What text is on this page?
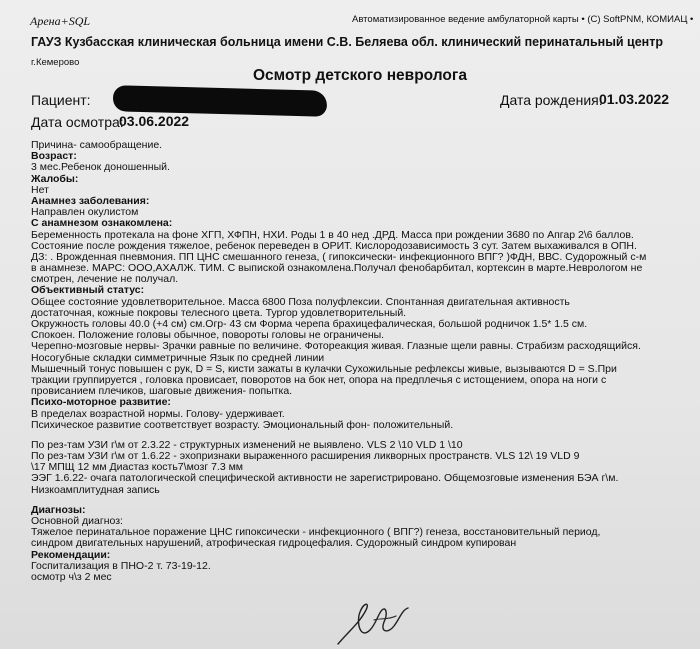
Арена+SQL	Автоматизированное ведение амбулаторной карты • (С) SoftPNM, КОМИАЦ •
ГАУЗ Кузбасская клиническая больница имени С.В. Беляева обл. клинический перинатальный центр
г.Кемерово
Осмотр детского невролога
Пациент:	Дата рождения:
01.03.2022
Дата осмотра:
03.06.2022
Причина- самообращение.
Возраст:
3 мес.Ребенок доношенный.
Жалобы:
Нет
Анамнез заболевания:
Направлен окулистом
С анамнезом ознакомлена:
Беременность протекала на фоне ХГП, ХФПН, НХИ. Роды 1 в 40 нед .ДРД. Масса при рождении 3680 по Апгар 2\6 баллов.
Состояние после рождения тяжелое, ребенок переведен в ОРИТ. Кислородозависимость 3 сут. Затем выхаживался в ОПН.
ДЗ: . Врожденная пневмония. ПП ЦНС смешанного генеза, ( гипоксически- инфекционного ВПГ? )ФДН, ВВС. Судорожный с-м
в анамнезе. МАРС: ООО,АХАЛЖ. ТИМ. С выпиской ознакомлена.Получал фенобарбитал, кортексин в марте.Неврологом не
смотрен, лечение не получал.
Объективный статус:
Общее состояние удовлетворительное. Масса 6800 Поза полуфлексии. Спонтанная двигательная активность
достаточная, кожные покровы телесного цвета. Тургор удовлетворительный.
Окружность головы 40.0 (+4 см) см.Огр- 43 см Форма черепа брахицефалическая, большой родничок 1.5* 1.5 см.
Спокоен. Положение головы обычное, повороты головы не ограничены.
Черепно-мозговые нервы- Зрачки равные по величине. Фотореакция живая. Глазные щели равны. Страбизм расходящийся.
Носогубные складки симметричные Язык по средней линии
Мышечный тонус повышен с рук, D = S, кисти зажаты в кулачки Сухожильные рефлексы живые, вызываются D = S.При
тракции группируется , головка провисает, поворотов на бок нет, опора на предплечья с истощением, опора на ноги с
провисанием плечиков, шаговые движения- попытка.
Психо-моторное развитие:
В пределах возрастной нормы. Голову- удерживает.
Психическое развитие соответствует возрасту. Эмоциональный фон- положительный.
По рез-там УЗИ г\м от 2.3.22 - структурных изменений не выявлено. VLS 2 \10 VLD 1 \10
По рез-там УЗИ г\м от 1.6.22 - эхопризнаки выраженного расширения ликворных пространств. VLS 12\ 19 VLD 9
\17 МПЩ 12 мм Диастаз кость7\мозг 7.3 мм
ЭЭГ 1.6.22- очага патологической специфической активности не зарегистрировано. Общемозговые изменения БЭА г\м.
Низкоамплитудная запись
Диагнозы:
Основной диагноз:
Тяжелое перинатальное поражение ЦНС гипоксически - инфекционного ( ВПГ?) генеза, восстановительный период,
синдром двигательных нарушений, атрофическая гидроцефалия. Судорожный синдром купирован
Рекомендации:
Госпитализация в ПНО-2 т. 73-19-12.
осмотр ч\з 2 мес
